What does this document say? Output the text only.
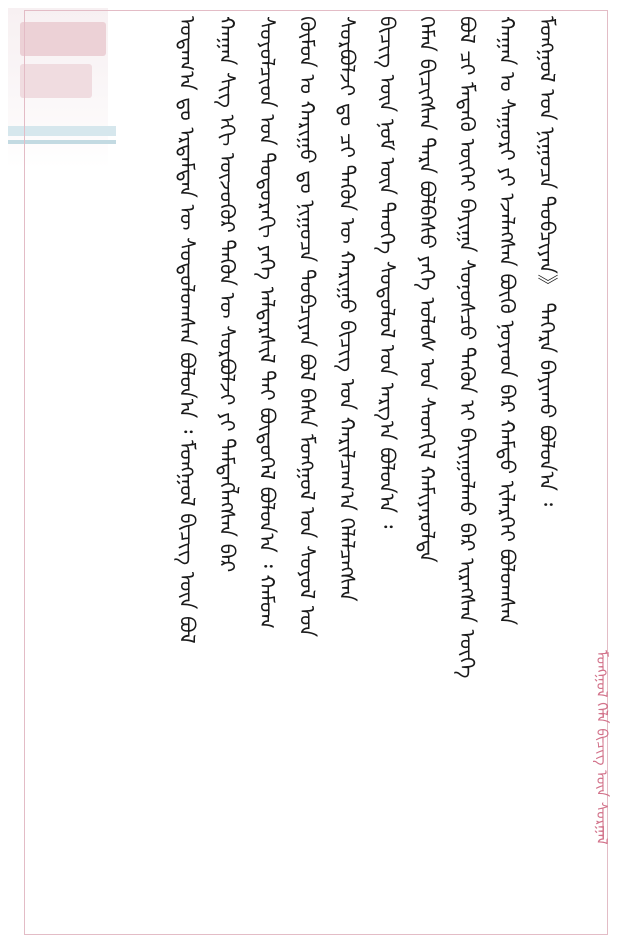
ᠮᠣᠩᠭᠣᠯ ᠤᠨ ᠨᠢᠭᠤᠴᠠ ᠲᠣᠪᠴᠢᠶᠠᠨ》 ᠳᠡᠭᠡᠷᠡ ᠪᠠᠶᠢᠬᠤ ᠪᠤᠯᠤᠨ᠎ᠠ ᠄
ᠬᠠᠭᠠᠨ ᠤ ᠰᠠᠭᠤᠷᠢ ᠶᠢ ᠡᠵᠡᠯᠡᠭᠰᠡᠨ ᠪᠦᠬᠦ ᠨᠣᠶᠠᠳ ᠪᠡᠷ ᠬᠠᠮᠲᠤ ᠢᠯᠡᠷᠬᠡᠢ ᠪᠣᠯᠤᠭᠰᠠᠨ
ᠪᠣᠯ ᠴᠢ ᠮᠡᠳᠡᠬᠦ ᠦᠭᠡᠢ ᠪᠠᠶᠢᠭᠠ ᠰᠣᠨᠣᠰᠴᠤ ᠲᠡᠭᠦᠨ ᠢ ᠪᠠᠶᠢᠭᠤᠯᠬᠤ ᠪᠠᠷ ᠢᠷᠡᠭᠰᠡᠨ ᠦᠭᠡ
ᠬᠡᠮᠡᠨ ᠪᠢᠴᠢᠭᠰᠡᠨ ᠲᠡᠷᠡ ᠪᠣᠯᠪᠠᠰᠤ ᠶᠡᠬᠡ ᠤᠯᠤᠰ ᠤᠨ ᠰᠡᠳᠬᠢᠯ ᠬᠠᠮᠢᠶᠠᠷᠤᠯᠲᠠ
ᠪᠢᠴᠢᠭ ᠦᠨ ᠨᠣᠮ ᠦᠨ ᠲᠡᠦᠬᠡ ᠰᠤᠳᠤᠯᠤᠯ ᠤᠨ ᠠᠷᠭ᠎ᠠ ᠪᠣᠯᠤᠨ᠎ᠠ ᠄
ᠰᠤᠷᠪᠤᠯᠵᠢ ᠳᠤ ᠴᠢ ᠲᠡᠭᠦᠨ ᠦ ᠬᠠᠷᠢᠭᠤ ᠪᠢᠴᠢᠭ ᠤᠨ ᠬᠠᠷᠢᠯᠴᠠᠭ᠎ᠠ ᠬᠡᠯᠡᠯᠴᠡᠭᠰᠡᠨ
ᠬᠦᠮᠦᠨ ᠤ ᠬᠠᠷᠢᠭᠤ ᠳᠤ ᠨᠢᠭᠤᠴᠠ ᠲᠣᠪᠴᠢᠶᠠᠨ ᠪᠣᠯ ᠪᠠᠰᠠ ᠮᠣᠩᠭᠣᠯ ᠤᠨ ᠰᠣᠶᠤᠯ ᠤᠨ
ᠰᠣᠶᠤᠯᠴᠢᠳ ᠤᠨ ᠳᠣᠲᠣᠷᠠᠬᠢ ᠶᠡᠬᠡ ᠠᠯᠳᠠᠷᠰᠢᠯ ᠲᠠᠢ ᠪᠦᠲᠦᠭᠡᠯ ᠪᠣᠯᠤᠨ᠎ᠠ ᠄ ᠬᠠᠮᠤᠭ
ᠬᠠᠭᠠᠨ ᠰᠢᠭ ᠡᠬᠢ ᠦᠵᠦᠭᠦᠷ ᠲᠡᠭᠦᠨ ᠦ ᠰᠤᠷᠪᠤᠯᠵᠢ ᠶᠢ ᠲᠡᠮᠳᠡᠭᠯᠡᠭᠰᠡᠨ ᠪᠠᠷ
ᠤᠳᠠᠭ᠎ᠠ ᠳᠤ ᠡᠷᠳᠡᠮᠲᠡᠨ ᠦ ᠰᠤᠳᠤᠯᠤᠭᠰᠠᠨ ᠪᠣᠯᠤᠨ᠎ᠠ ᠄ ᠮᠣᠩᠭᠣᠯ ᠪᠢᠴᠢᠭ ᠦᠨ ᠪᠣᠯ
ᠮᠣᠩᠭᠣᠯ ᠬᠡᠯᠡ ᠪᠢᠴᠢᠭ ᠦᠨ ᠰᠤᠷᠭᠠᠯ
